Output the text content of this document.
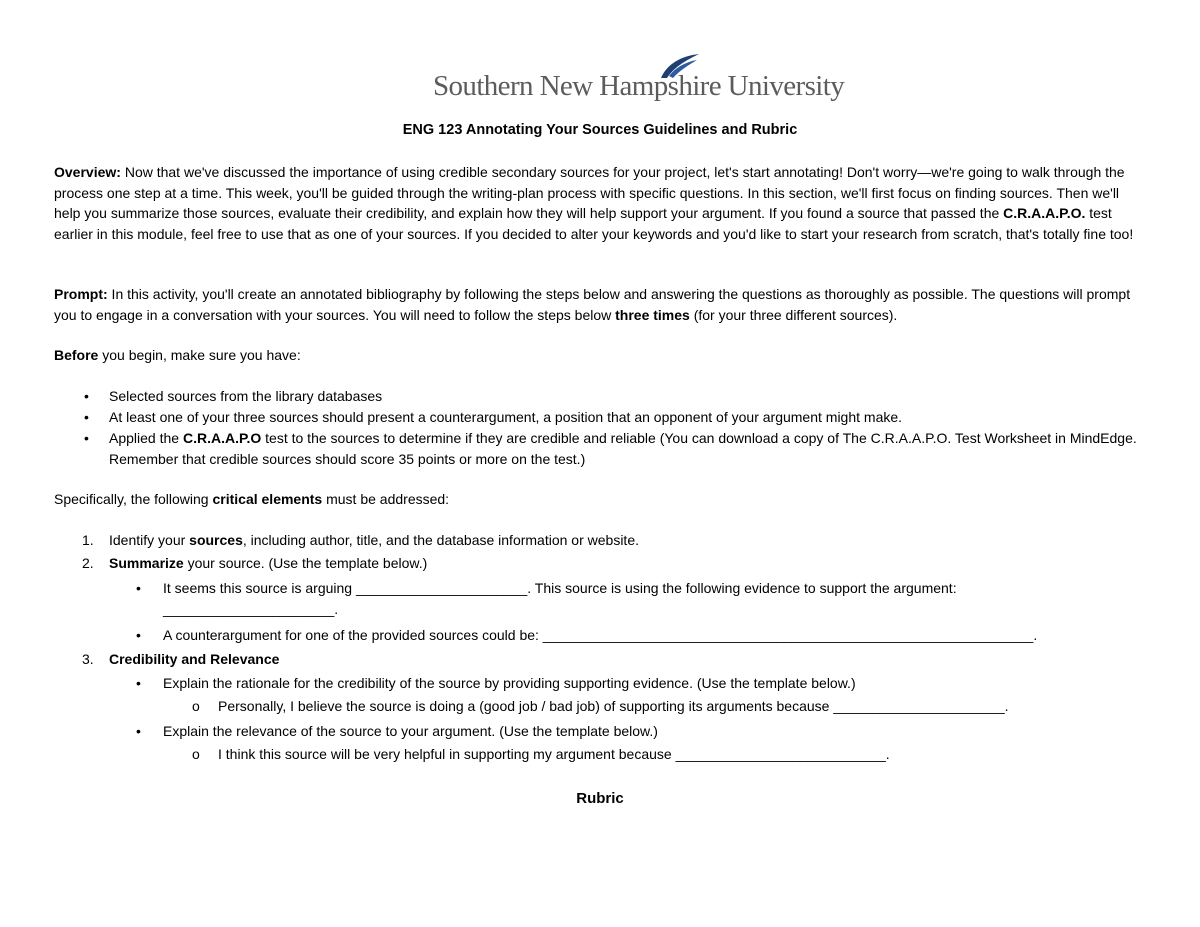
Southern New Hampshire University
ENG 123 Annotating Your Sources Guidelines and Rubric

Overview: Now that we've discussed the importance of using credible secondary sources for your project, let's start annotating! Don't worry—we're going to walk through the process one step at a time. This week, you'll be guided through the writing-plan process with specific questions. In this section, we'll first focus on finding sources. Then we'll help you summarize those sources, evaluate their credibility, and explain how they will help support your argument. If you found a source that passed the C.R.A.A.P.O. test earlier in this module, feel free to use that as one of your sources. If you decided to alter your keywords and you'd like to start your research from scratch, that's totally fine too!

Prompt: In this activity, you'll create an annotated bibliography by following the steps below and answering the questions as thoroughly as possible. The questions will prompt you to engage in a conversation with your sources. You will need to follow the steps below three times (for your three different sources).

Before you begin, make sure you have:

•	Selected sources from the library databases
•	At least one of your three sources should present a counterargument, a position that an opponent of your argument might make.
•	Applied the C.R.A.A.P.O test to the sources to determine if they are credible and reliable (You can download a copy of The C.R.A.A.P.O. Test Worksheet in MindEdge. Remember that credible sources should score 35 points or more on the test.)

Specifically, the following critical elements must be addressed:

1.	Identify your sources, including author, title, and the database information or website.
2.	Summarize your source. (Use the template below.)
•	It seems this source is arguing ______________________. This source is using the following evidence to support the argument: ______________________.
•	A counterargument for one of the provided sources could be: _______________________________________________________________.
3.	Credibility and Relevance
•	Explain the rationale for the credibility of the source by providing supporting evidence. (Use the template below.)
o	Personally, I believe the source is doing a (good job / bad job) of supporting its arguments because ______________________.
•	Explain the relevance of the source to your argument. (Use the template below.)
o	I think this source will be very helpful in supporting my argument because ___________________________.
Rubric
